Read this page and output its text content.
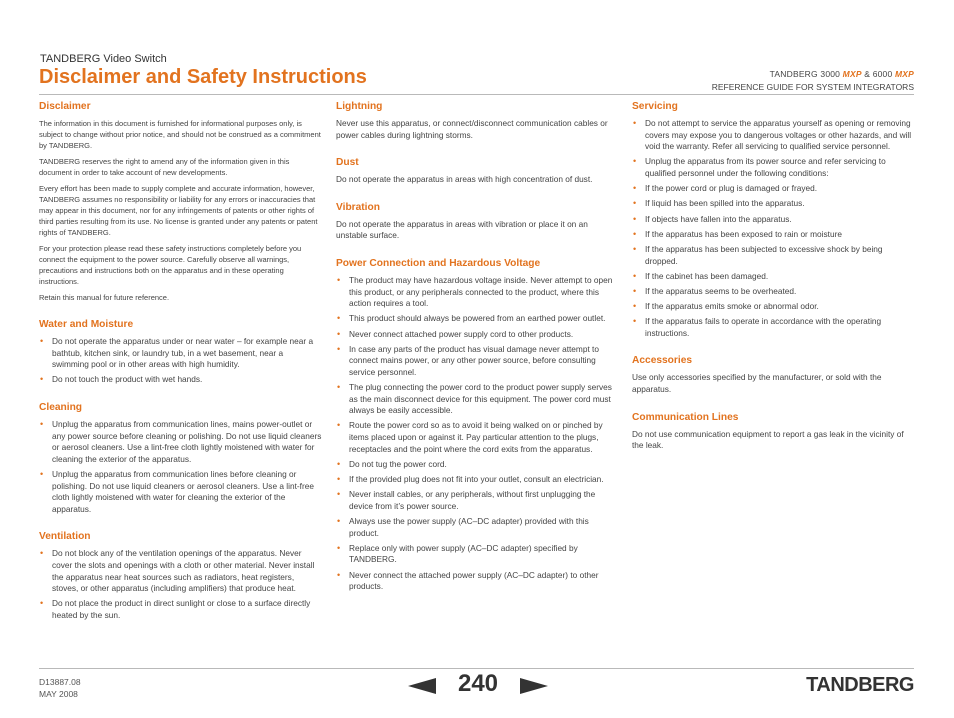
TANDBERG Video Switch
Disclaimer and Safety Instructions	TANDBERG 3000 MXP & 6000 MXP
REFERENCE GUIDE FOR SYSTEM INTEGRATORS
Disclaimer

The information in this document is furnished for informational purposes only, is subject to change without prior notice, and should not be construed as a commitment by TANDBERG.

TANDBERG reserves the right to amend any of the information given in this document in order to take account of new developments.

Every effort has been made to supply complete and accurate information, however, TANDBERG assumes no responsibility or liability for any errors or inaccuracies that may appear in this document, nor for any infringements of patents or other rights of third parties resulting from its use. No license is granted under any patents or patent rights of TANDBERG.

For your protection please read these safety instructions completely before you connect the equipment to the power source. Carefully observe all warnings, precautions and instructions both on the apparatus and in these operating instructions.

Retain this manual for future reference.

Water and Moisture
• Do not operate the apparatus under or near water – for example near a bathtub, kitchen sink, or laundry tub, in a wet basement, near a swimming pool or in other areas with high humidity.
• Do not touch the product with wet hands.
Cleaning
• Unplug the apparatus from communication lines, mains power-outlet or any power source before cleaning or polishing. Do not use liquid cleaners or aerosol cleaners. Use a lint-free cloth lightly moistened with water for cleaning the exterior of the apparatus.
• Unplug the apparatus from communication lines before cleaning or polishing. Do not use liquid cleaners or aerosol cleaners. Use a lint-free cloth lightly moistened with water for cleaning the exterior of the apparatus.
Ventilation
• Do not block any of the ventilation openings of the apparatus. Never cover the slots and openings with a cloth or other material. Never install the apparatus near heat sources such as radiators, heat registers, stoves, or other apparatus (including amplifiers) that produce heat.
• Do not place the product in direct sunlight or close to a surface directly heated by the sun.
Lightning

Never use this apparatus, or connect/disconnect communication cables or power cables during lightning storms.

Dust

Do not operate the apparatus in areas with high concentration of dust.

Vibration

Do not operate the apparatus in areas with vibration or place it on an unstable surface.

Power Connection and Hazardous Voltage
• The product may have hazardous voltage inside. Never attempt to open this product, or any peripherals connected to the product, where this action requires a tool.
• This product should always be powered from an earthed power outlet.
• Never connect attached power supply cord to other products.
• In case any parts of the product has visual damage never attempt to connect mains power, or any other power source, before consulting service personnel.
• The plug connecting the power cord to the product power supply serves as the main disconnect device for this equipment. The power cord must always be easily accessible.
• Route the power cord so as to avoid it being walked on or pinched by items placed upon or against it. Pay particular attention to the plugs, receptacles and the point where the cord exits from the apparatus.
• Do not tug the power cord.
• If the provided plug does not fit into your outlet, consult an electrician.
• Never install cables, or any peripherals, without first unplugging the device from it’s power source.
• Always use the power supply (AC–DC adapter) provided with this product.
• Replace only with power supply (AC–DC adapter) specified by TANDBERG.
• Never connect the attached power supply (AC–DC adapter) to other products.
Servicing
• Do not attempt to service the apparatus yourself as opening or removing covers may expose you to dangerous voltages or other hazards, and will void the warranty. Refer all servicing to qualified service personnel.
• Unplug the apparatus from its power source and refer servicing to qualified personnel under the following conditions:
• If the power cord or plug is damaged or frayed.
• If liquid has been spilled into the apparatus.
• If objects have fallen into the apparatus.
• If the apparatus has been exposed to rain or moisture
• If the apparatus has been subjected to excessive shock by being dropped.
• If the cabinet has been damaged.
• If the apparatus seems to be overheated.
• If the apparatus emits smoke or abnormal odor.
• If the apparatus fails to operate in accordance with the operating instructions.
Accessories

Use only accessories specified by the manufacturer, or sold with the apparatus.

Communication Lines

Do not use communication equipment to report a gas leak in the vicinity of the leak.

D13887.08
MAY 2008	240	TANDBERG
